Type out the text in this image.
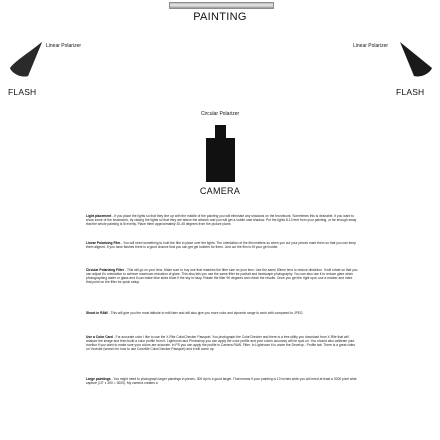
PAINTING
Linear Polarizer	Linear Polarizer
FLASH	FLASH
Circular Polarizer
CAMERA

Light placement - If you place the lights so that they line up with the middle of the painting you will eliminate any shadows on the brushwork. Sometimes this is desirable. If you want to show some of the brushwork, try raising the lights so that they are above the artwork and you will get a subtle cast shadow. Put the lights 8-10 feet from your painting, or far enough away that the whole painting is lit evenly. Place them approximately 30-45 degrees from the picture plane.

Linear Polarizing Film - You will need something to hold the film in place over the lights. The orientation of the film matters so when you cut your pieces mark them so that you can keep them aligned. If you have flashes there is a good chance that you can get gel holders for them. Just cut the film to fit your gel holder.

Circular Polarizing Filter - This will go on your lens. Make sure to buy one that matches the filter size on your lens. Use the same 50mm lens to reduce distortion. It will rotate so that you can adjust it's orientation to achieve maximum reduction of glare. This also lets you use the same filter for portrait and landscape photography. You can also use it to reduce glare when photographing water or glass and it can make blue skies bluer if the sky is hazy. Rotate the filter 90 degrees and check the results. Once you get the right spot, use a marker and mark that point on the filter for quick setup.

Shoot in RAW - This will give you the most latitude to edit later and will also give you more color and dynamic range to work with compared to JPEG.

Use a Color Card - For accurate color I like to use the X-Rite ColorChecker Passport. You photograph the ColorChecker and there is a free utility you download from X-Rite that will analyze the image and then build a color profile from it. Lightroom and Photoshop you can apply the color profile and your colors accuracy will be spot on. You should also calibrate your monitor if you want to make sure your colors are accurate. In PS you can apply the profile in Camera RAW. Filter. In Lightroom it is under the Develop - Profile tab. There is a great video on Youtube (search for how to use ColorMe ColorChecker Passport) and it will come up.

Large paintings - You might need to photograph larger paintings in pieces. 300 dpi is a good target. That means if your painting is 10 inches wide you will need at least a 3000 pixel wide capture (10" x 300 = 3000). My camera creates a
